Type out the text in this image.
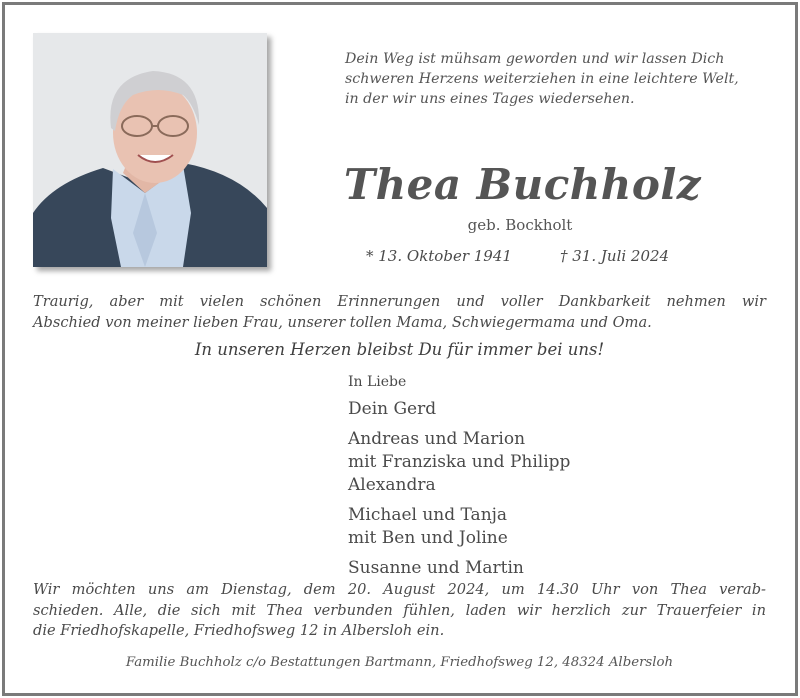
Dein Weg ist mühsam geworden und wir lassen Dich
schweren Herzens weiterziehen in eine leichtere Welt,
in der wir uns eines Tages wiedersehen.
Thea Buchholz
geb. Bockholt
* 13. Oktober 1941	† 31. Juli 2024
Traurig, aber mit vielen schönen Erinnerungen und voller Dankbarkeit nehmen wir
Abschied von meiner lieben Frau, unserer tollen Mama, Schwiegermama und Oma.
In unseren Herzen bleibst Du für immer bei uns!
In Liebe
Dein Gerd
Andreas und Marion
mit Franziska und Philipp
Alexandra
Michael und Tanja
mit Ben und Joline
Susanne und Martin
Wir möchten uns am Dienstag, dem 20. August 2024, um 14.30 Uhr von Thea verab-
schieden. Alle, die sich mit Thea verbunden fühlen, laden wir herzlich zur Trauerfeier in
die Friedhofskapelle, Friedhofsweg 12 in Albersloh ein.
Familie Buchholz c/o Bestattungen Bartmann, Friedhofsweg 12, 48324 Albersloh
